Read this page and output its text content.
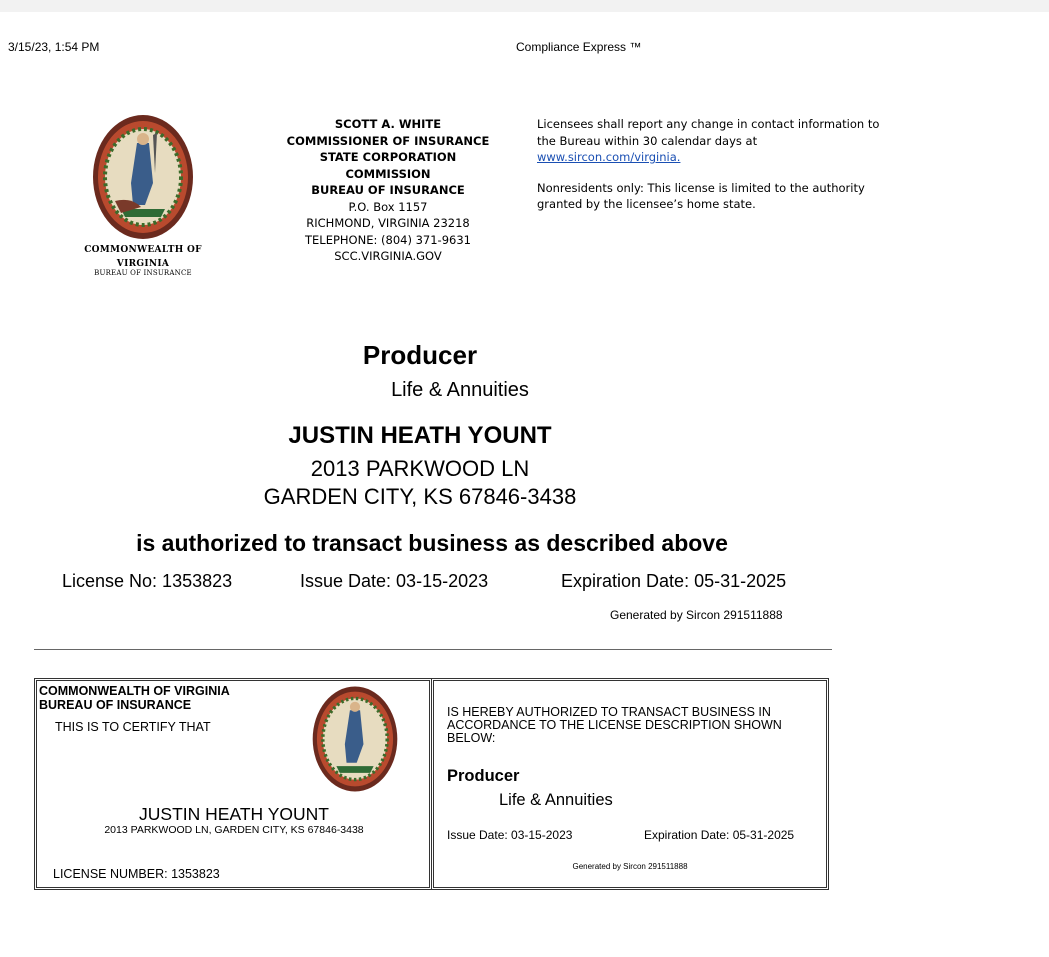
3/15/23, 1:54 PM	Compliance Express ™
COMMONWEALTH OF
VIRGINIA
BUREAU OF INSURANCE
SCOTT A. WHITE
COMMISSIONER OF INSURANCE
STATE CORPORATION
COMMISSION
BUREAU OF INSURANCE
P.O. Box 1157
RICHMOND, VIRGINIA 23218
TELEPHONE: (804) 371-9631
SCC.VIRGINIA.GOV

Licensees shall report any change in contact information to the Bureau within 30 calendar days at www.sircon.com/virginia.

Nonresidents only: This license is limited to the authority granted by the licensee’s home state.

Producer
Life & Annuities
JUSTIN HEATH YOUNT
2013 PARKWOOD LN
GARDEN CITY, KS 67846-3438
is authorized to transact business as described above
License No: 1353823	Issue Date: 03-15-2023	Expiration Date: 05-31-2025
Generated by Sircon 291511888
COMMONWEALTH OF VIRGINIA
BUREAU OF INSURANCE
THIS IS TO CERTIFY THAT
JUSTIN HEATH YOUNT
2013 PARKWOOD LN, GARDEN CITY, KS 67846-3438
LICENSE NUMBER: 1353823
IS HEREBY AUTHORIZED TO TRANSACT BUSINESS IN ACCORDANCE TO THE LICENSE DESCRIPTION SHOWN BELOW:
Producer
Life & Annuities
Issue Date: 03-15-2023	Expiration Date: 05-31-2025
Generated by Sircon 291511888
